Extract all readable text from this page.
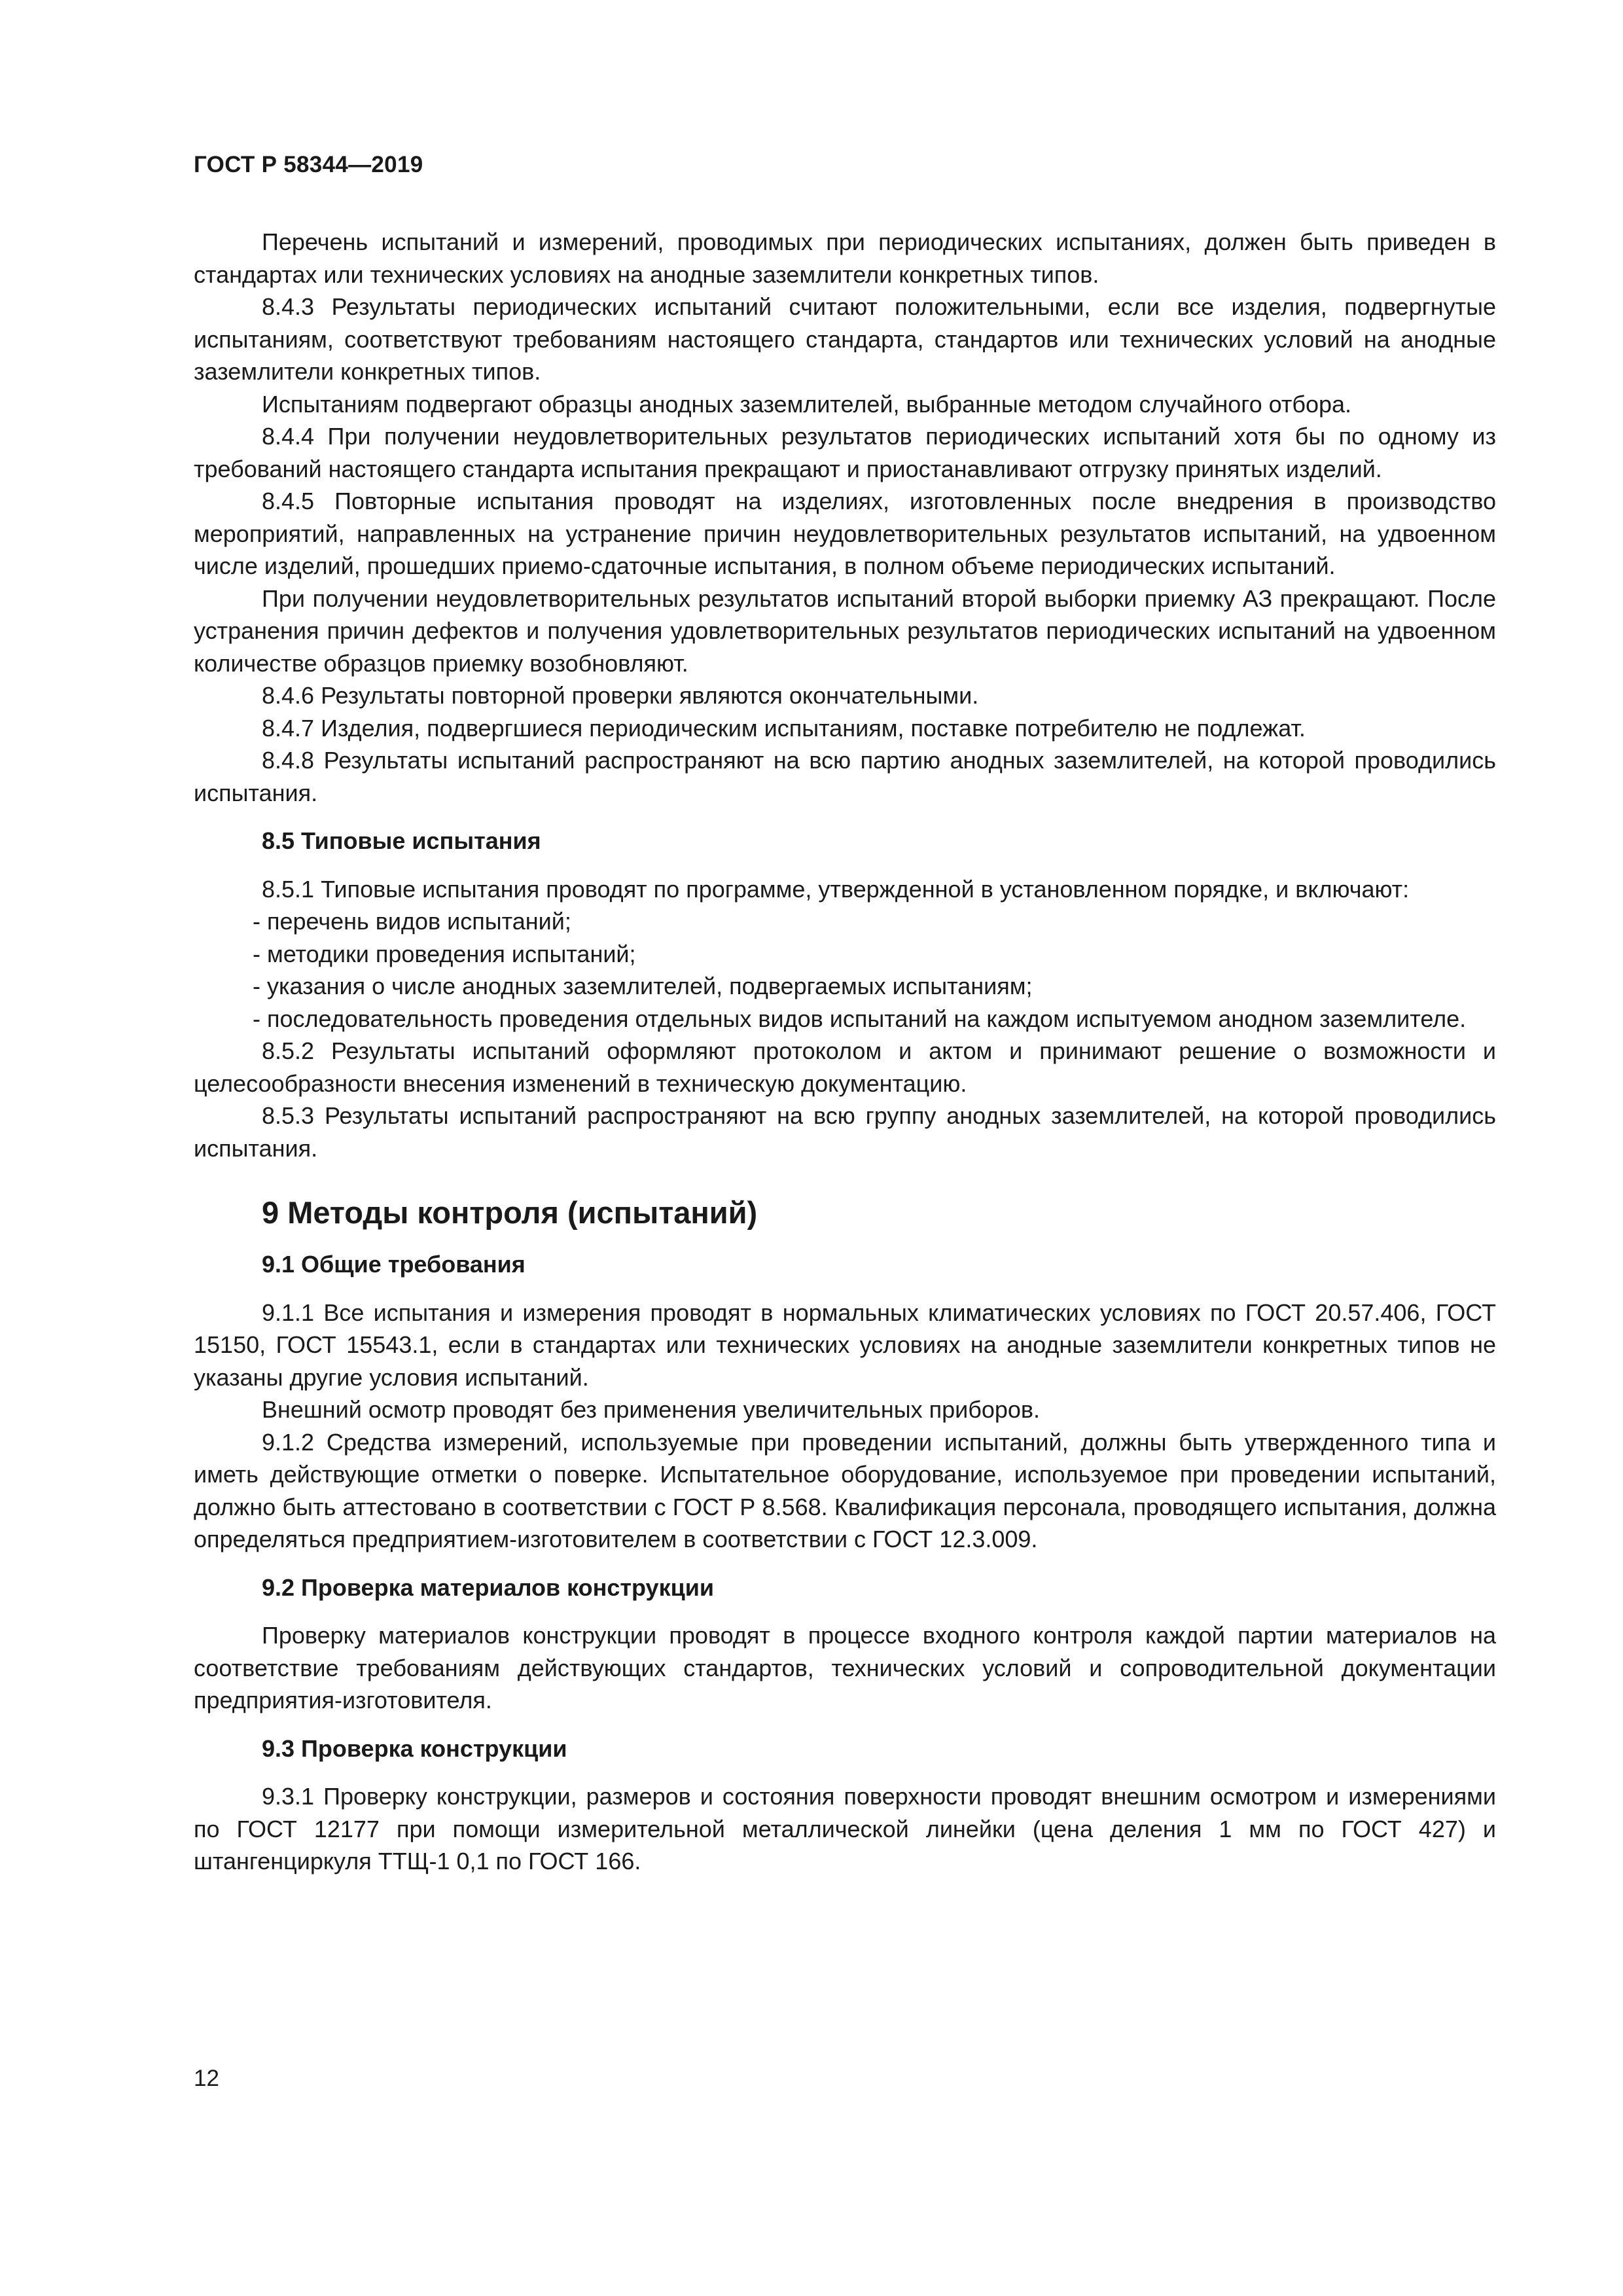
ГОСТ Р 58344—2019

Перечень испытаний и измерений, проводимых при периодических испытаниях, должен быть приведен в стандартах или технических условиях на анодные заземлители конкретных типов.

8.4.3 Результаты периодических испытаний считают положительными, если все изделия, подвергнутые испытаниям, соответствуют требованиям настоящего стандарта, стандартов или технических условий на анодные заземлители конкретных типов.

Испытаниям подвергают образцы анодных заземлителей, выбранные методом случайного отбора.

8.4.4 При получении неудовлетворительных результатов периодических испытаний хотя бы по одному из требований настоящего стандарта испытания прекращают и приостанавливают отгрузку принятых изделий.

8.4.5 Повторные испытания проводят на изделиях, изготовленных после внедрения в производство мероприятий, направленных на устранение причин неудовлетворительных результатов испытаний, на удвоенном числе изделий, прошедших приемо-сдаточные испытания, в полном объеме периодических испытаний.

При получении неудовлетворительных результатов испытаний второй выборки приемку АЗ прекращают. После устранения причин дефектов и получения удовлетворительных результатов периодических испытаний на удвоенном количестве образцов приемку возобновляют.

8.4.6 Результаты повторной проверки являются окончательными.

8.4.7 Изделия, подвергшиеся периодическим испытаниям, поставке потребителю не подлежат.

8.4.8 Результаты испытаний распространяют на всю партию анодных заземлителей, на которой проводились испытания.

8.5 Типовые испытания

8.5.1 Типовые испытания проводят по программе, утвержденной в установленном порядке, и включают:

- перечень видов испытаний;

- методики проведения испытаний;

- указания о числе анодных заземлителей, подвергаемых испытаниям;

- последовательность проведения отдельных видов испытаний на каждом испытуемом анодном заземлителе.

8.5.2 Результаты испытаний оформляют протоколом и актом и принимают решение о возможности и целесообразности внесения изменений в техническую документацию.

8.5.3 Результаты испытаний распространяют на всю группу анодных заземлителей, на которой проводились испытания.

9 Методы контроля (испытаний)

9.1 Общие требования

9.1.1 Все испытания и измерения проводят в нормальных климатических условиях по ГОСТ 20.57.406, ГОСТ 15150, ГОСТ 15543.1, если в стандартах или технических условиях на анодные заземлители конкретных типов не указаны другие условия испытаний.

Внешний осмотр проводят без применения увеличительных приборов.

9.1.2 Средства измерений, используемые при проведении испытаний, должны быть утвержденного типа и иметь действующие отметки о поверке. Испытательное оборудование, используемое при проведении испытаний, должно быть аттестовано в соответствии с ГОСТ Р 8.568. Квалификация персонала, проводящего испытания, должна определяться предприятием-изготовителем в соответствии с ГОСТ 12.3.009.

9.2 Проверка материалов конструкции

Проверку материалов конструкции проводят в процессе входного контроля каждой партии материалов на соответствие требованиям действующих стандартов, технических условий и сопроводительной документации предприятия-изготовителя.

9.3 Проверка конструкции

9.3.1 Проверку конструкции, размеров и состояния поверхности проводят внешним осмотром и измерениями по ГОСТ 12177 при помощи измерительной металлической линейки (цена деления 1 мм по ГОСТ 427) и штангенциркуля ТТЩ-1 0,1 по ГОСТ 166.

12
